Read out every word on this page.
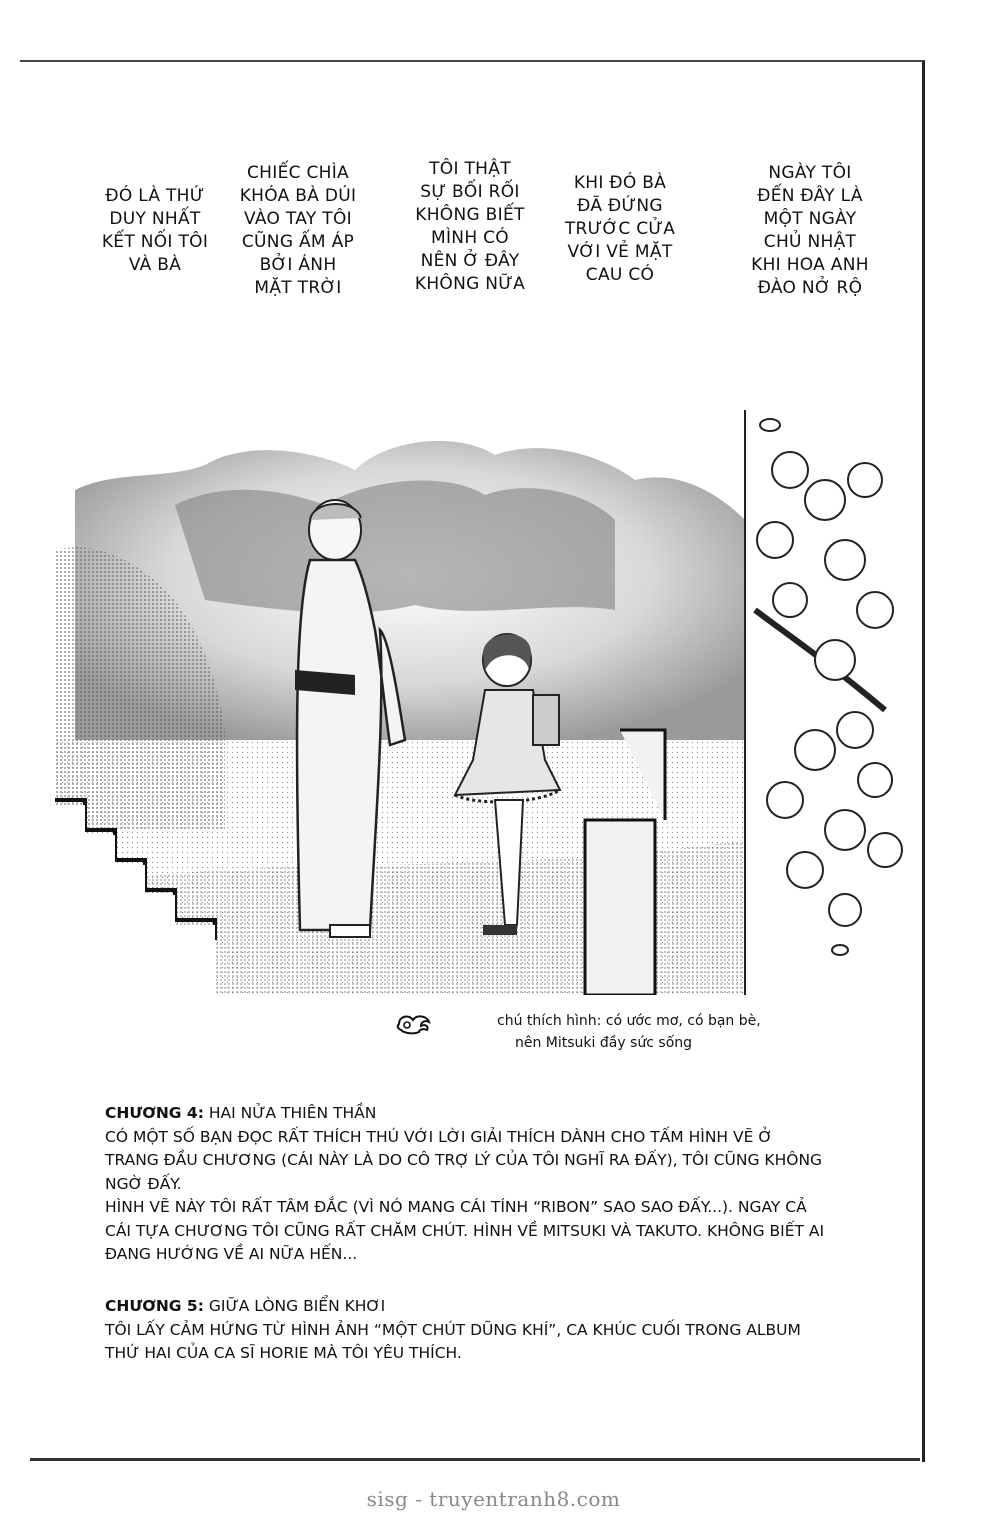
ĐÓ LÀ THỨ
DUY NHẤT
KẾT NỐI TÔI
VÀ BÀ
CHIẾC CHÌA
KHÓA BÀ DÚI
VÀO TAY TÔI
CŨNG ẤM ÁP
BỞI ÁNH
MẶT TRỜI
TÔI THẬT
SỰ BỐI RỐI
KHÔNG BIẾT
MÌNH CÓ
NÊN Ở ĐÂY
KHÔNG NỮA
KHI ĐÓ BÀ
ĐÃ ĐỨNG
TRƯỚC CỬA
VỚI VẺ MẶT
CAU CÓ
NGÀY TÔI
ĐẾN ĐÂY LÀ
MỘT NGÀY
CHỦ NHẬT
KHI HOA ANH
ĐÀO NỞ RỘ
chú thích hình: có ước mơ, có bạn bè,
nên Mitsuki đầy sức sống

CHƯƠNG 4: HAI NỬA THIÊN THẦN

CÓ MỘT SỐ BẠN ĐỌC RẤT THÍCH THÚ VỚI LỜI GIẢI THÍCH DÀNH CHO TẤM HÌNH VẼ Ở

TRANG ĐẦU CHƯƠNG (CÁI NÀY LÀ DO CÔ TRỢ LÝ CỦA TÔI NGHĨ RA ĐẤY), TÔI CŨNG KHÔNG

NGỜ ĐẤY.

HÌNH VẼ NÀY TÔI RẤT TÂM ĐẮC (VÌ NÓ MANG CÁI TÍNH “RIBON” SAO SAO ĐẤY...). NGAY CẢ

CÁI TỰA CHƯƠNG TÔI CŨNG RẤT CHĂM CHÚT. HÌNH VỀ MITSUKI VÀ TAKUTO. KHÔNG BIẾT AI

ĐANG HƯỚNG VỀ AI NỮA HẾN...

CHƯƠNG 5: GIỮA LÒNG BIỂN KHƠI

TÔI LẤY CẢM HỨNG TỪ HÌNH ẢNH “MỘT CHÚT DŨNG KHÍ”, CA KHÚC CUỐI TRONG ALBUM

THỨ HAI CỦA CA SĨ HORIE MÀ TÔI YÊU THÍCH.

sisg - truyentranh8.com
